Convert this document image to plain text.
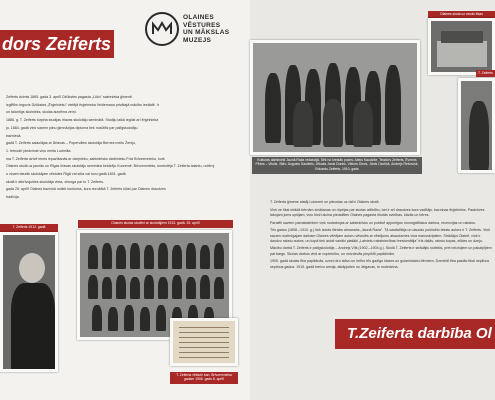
dors Zeiferts
OLAINES
VĒSTURES
UN MĀKSLAS
MUZEJS

Zeiferts dzimis 1865. gada 3. aprīlī Džūkstes pagasta „Lūžu" saimnieka ģimenē.

izglītību ieguvis Džūkstes „Ērģelnieku" vietējā ērģelnieka Veidemaņa privātajā mācību iestādē. Ir

un talantīgs skolnieks, skolas aizņēma zeiņi.

1886. g. T. Zeiferts turpina studijas Irlavas skolotāju seminārā. Studiju laikā iegūst arī ērģelnieka

ju. 1884. gadā viņš saņem pilnu ģimnāzijas diploma tiek nosūtīts par palīgskolotāju

bažniecā.

gadā T. Zeiferts salaulājas ar Ārlavas – Popervāles skolotāja Bernes meitu Ženiju,

1. februārī piedzimst viņu meita Ludmilla.

ma T. Zeiferta dzīvē ienes iepazīšanās ar dzejnieku, sabiedrisko darbinieku Frici Brīvzemnieku, kurš

Olaines skolā uz jaunās un Rīgas Irlavas skolotāju semināra beidzēju Kurzemē. Brīvzemnieks, kontrolēja T. Zeiferta talantu, noīēmj

u viņam biezāk skolotājam vēstules Rīgā vai sūta vai tuvu gadā 1891. gadā

skolā ir atbrīvojušies skolotāja vieta, zīmoga par to T. Zeiferts.

gada 25. aprīlī Olaines bazniņā notiek konkurss, kura rezultātā T. Zeiferts kļūst par Olaines draudzes

tradīcija.

Kulturas darbinieki Jaunā Raža redakcijā. Sēž no kreisās puses: Aleks Kaudzīte, Teodors Zeiferts, Ēvrenis Pēlcis – Vitolis. Stāv: Augusts Saulietis, Jēkabs Janis Dunks, Viktors Dinzs, Jānis Ozoliņš, Andrejs Rešoviņš, Eduards Zeiferts, 1910. gads
Olaines skola uz vecās ēkas
T. Zeiferts
Olaines skolas skolēni ar skolotājiem 1913. gadā. 25. aprīlī
T. Zeiferts 1912. gadā
T. Zeiferta vēstule kan. Brīvzemnieka gadam 1906. gads 8. aprīlī

T. Zeiferta ģimene atstāj Lubezeri un pārceļas uz dzīvi Olaines skolā.

Viņš ne tikai strādā bērnām zināšanas un rūpējas par skolas attīstību, bet ir arī draudzes kora vadītājs, bazniņas ērģelnieks. Paskrūves labojam jums opšijam, viņu bieži aicina piedalīties Olaines pagasta rīkotās svinības, kāzās un bēres.

Paralēli saviem pamatdarbiem viņš nodarbojas ar sabiedrisko un publicē apjomīgus monogrāfiskus darbus, recenzijas un rakstus.

Trīs gadus (1898.–1910. g.) tiek izdots literārs almanahs „Jaunā Raža". Tā sastādītājs un daudzu publicēto tekstu autors ir T. Zeiferts. Viņš savam nozīmīgajam darbam Olaines vērtējam autoru vēstulēs ar vēstījumu atsauksmes viņa manuskriptiem. Strādājot Olainē, viņš ir daudzu rakstu autors, un kopā tiek izdoti vairāki plašāki „Latviešu rakstniecības hrestomātija" trīs daļās, rakstu kopas, etīdes un dzeju.

Mācību darbā T. Zeiferts ir palīgskolotājs – Andrejs Vīļš (1902.–1904.g.). Skolā T. Zeiferts ir strādājis notiekts, pret neizlojiem un pakalpījiem pat bargs. Skolas darbus viņš ar nopietnību, un neizdevās piepildīt papildinām.

1909. gadā skolas ēka papildinās, uzceļ otro stāvu un ierīko trīs gadīgo klases un guļamistabu bērniem, Dzenēdī ēka pastāv tikai nepilnus septiņus gadus. 1915. gadā kreivu armija, atkāpjoties no Jelgavas, to nodedzina.

T.Zeiferta darbība Ol
